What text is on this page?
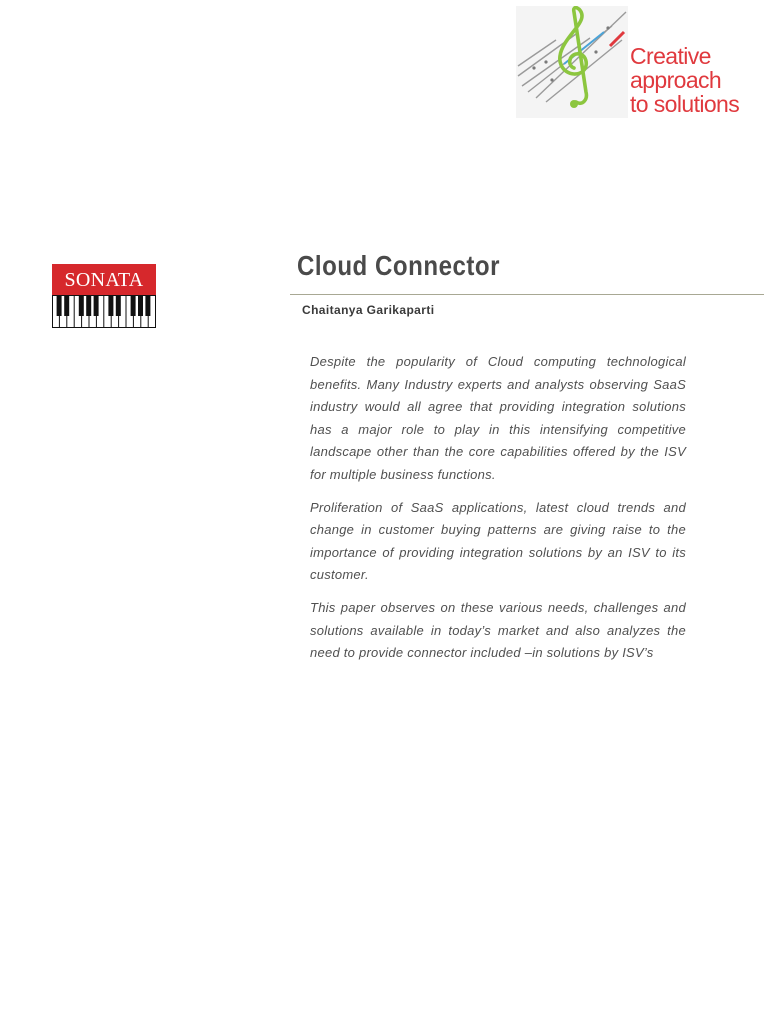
Creative
approach
to solutions
SONATA	Cloud Connector
Chaitanya Garikaparti

Despite the popularity of Cloud computing technological benefits. Many Industry experts and analysts observing SaaS industry would all agree that providing integration solutions has a major role to play in this intensifying competitive landscape other than the core capabilities offered by the ISV for multiple business functions.

Proliferation of SaaS applications, latest cloud trends and change in customer buying patterns are giving raise to the importance of providing integration solutions by an ISV to its customer.

This paper observes on these various needs, challenges and solutions available in today’s market and also analyzes the need to provide connector included –in solutions by ISV’s
